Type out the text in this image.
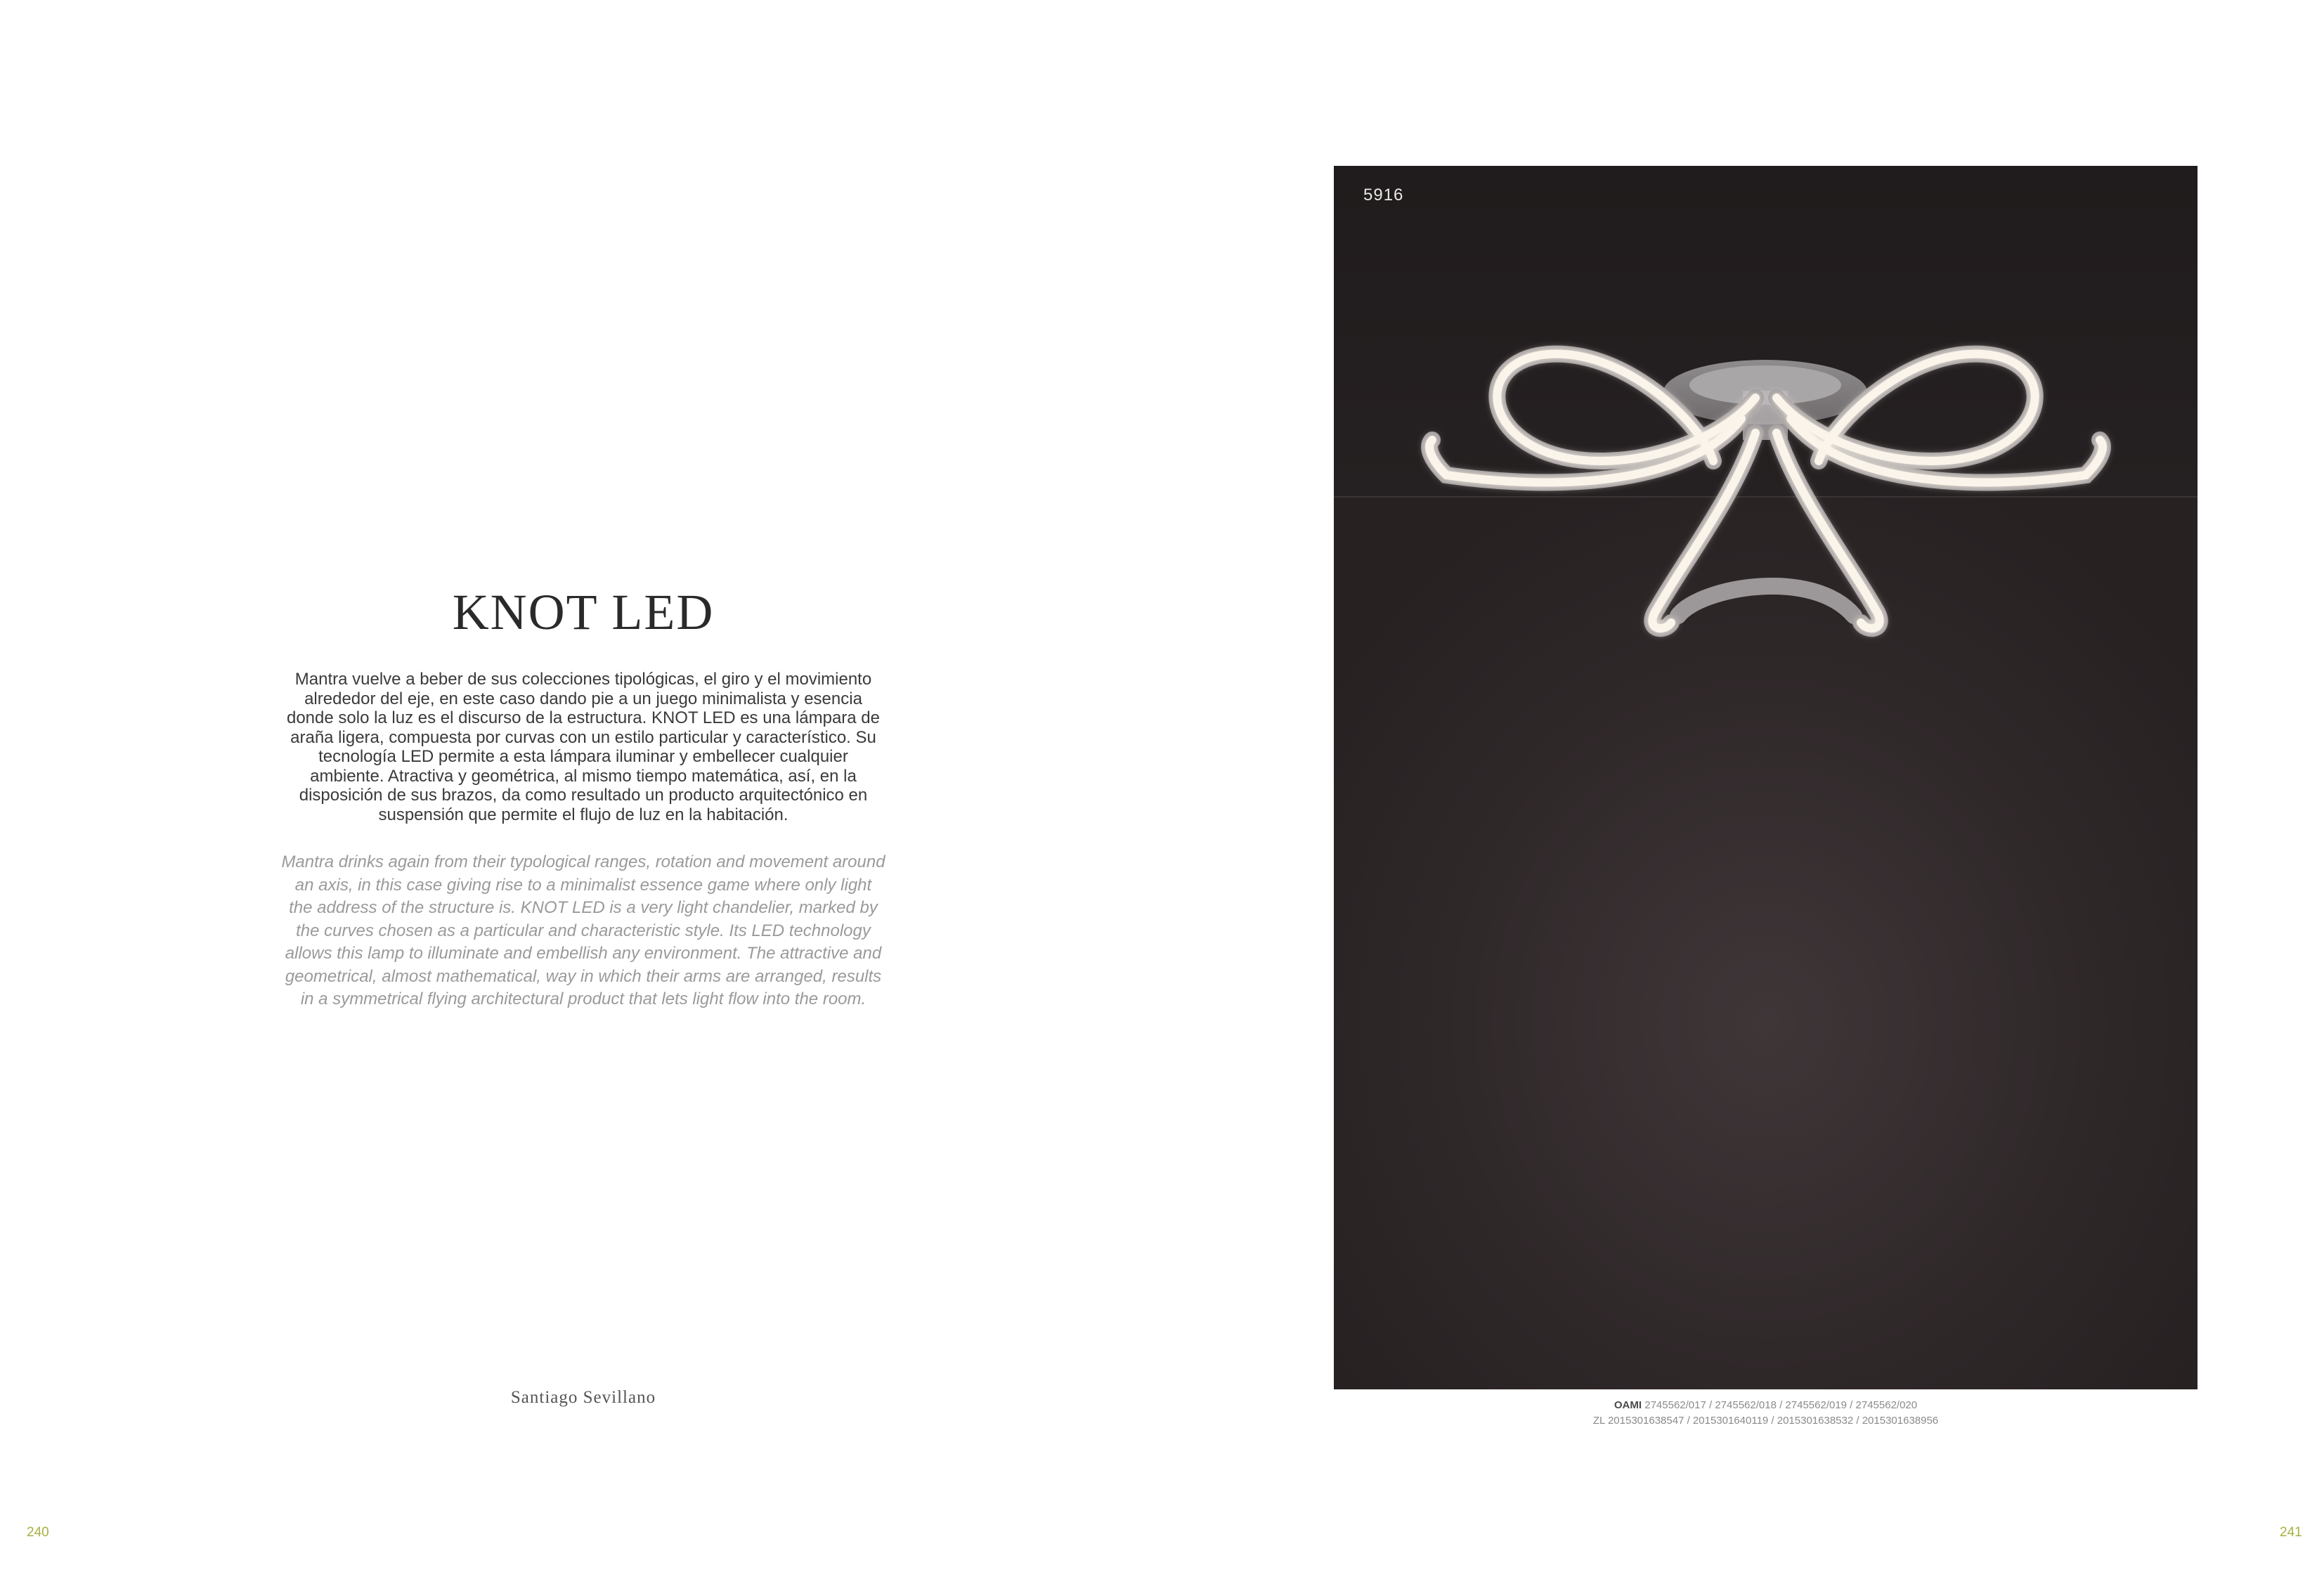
KNOT LED

Mantra vuelve a beber de sus colecciones tipológicas, el giro y el movimiento alrededor del eje, en este caso dando pie a un juego minimalista y esencia donde solo la luz es el discurso de la estructura. KNOT LED es una lámpara de araña ligera, compuesta por curvas con un estilo particular y característico. Su tecnología LED permite a esta lámpara iluminar y embellecer cualquier ambiente. Atractiva y geométrica, al mismo tiempo matemática, así, en la disposición de sus brazos, da como resultado un producto arquitectónico en suspensión que permite el flujo de luz en la habitación.

Mantra drinks again from their typological ranges, rotation and movement around an axis, in this case giving rise to a minimalist essence game where only light the address of the structure is. KNOT LED is a very light chandelier, marked by the curves chosen as a particular and characteristic style. Its LED technology allows this lamp to illuminate and embellish any environment. The attractive and geometrical, almost mathematical, way in which their arms are arranged, results in a symmetrical flying architectural product that lets light flow into the room.

Santiago Sevillano
240
5916
OAMI 2745562/017 / 2745562/018 / 2745562/019 / 2745562/020
ZL 2015301638547 / 2015301640119 / 2015301638532 / 2015301638956
241
